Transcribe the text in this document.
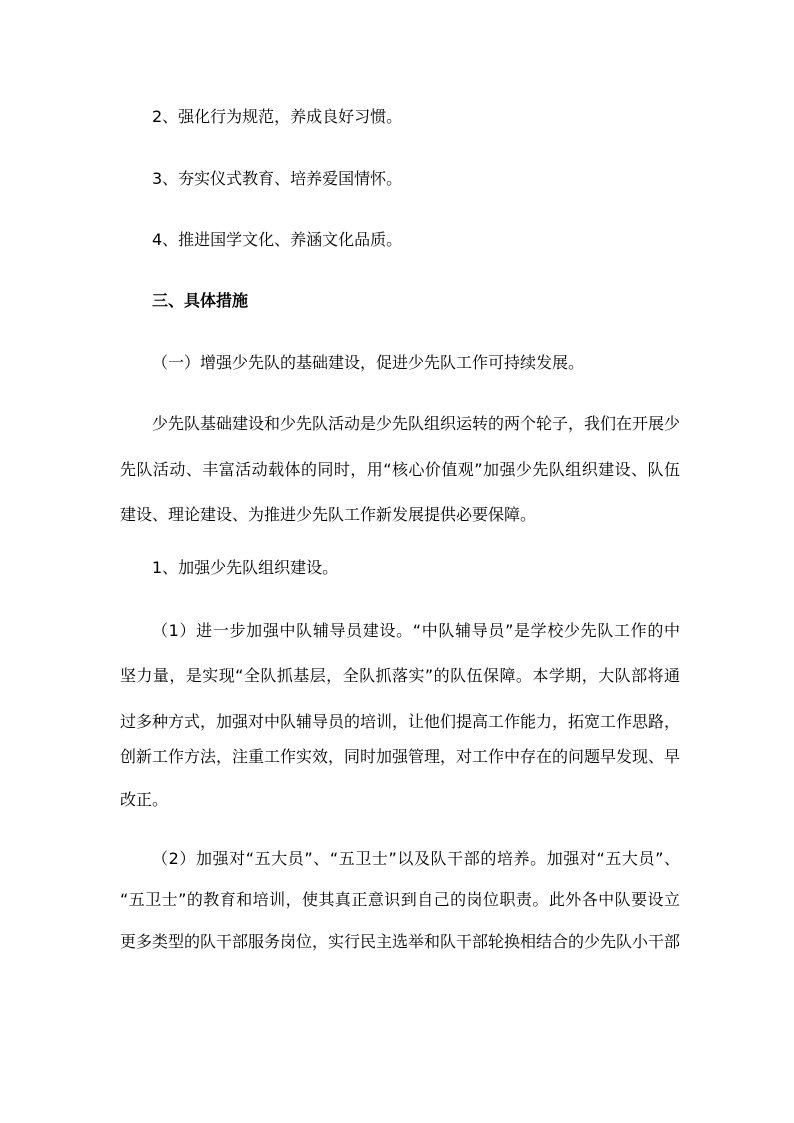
2、强化行为规范，养成良好习惯。
3、夯实仪式教育、培养爱国情怀。
4、推进国学文化、养涵文化品质。
三、具体措施
（一）增强少先队的基础建设，促进少先队工作可持续发展。
少先队基础建设和少先队活动是少先队组织运转的两个轮子，我们在开展少
先队活动、丰富活动载体的同时，用“核心价值观”加强少先队组织建设、队伍
建设、理论建设、为推进少先队工作新发展提供必要保障。
1、加强少先队组织建设。
（1）进一步加强中队辅导员建设。“中队辅导员”是学校少先队工作的中
坚力量，是实现“全队抓基层，全队抓落实”的队伍保障。本学期，大队部将通
过多种方式，加强对中队辅导员的培训，让他们提高工作能力，拓宽工作思路，
创新工作方法，注重工作实效，同时加强管理，对工作中存在的问题早发现、早
改正。
（2）加强对“五大员”、“五卫士”以及队干部的培养。加强对“五大员”、
“五卫士”的教育和培训，使其真正意识到自己的岗位职责。此外各中队要设立
更多类型的队干部服务岗位，实行民主选举和队干部轮换相结合的少先队小干部
